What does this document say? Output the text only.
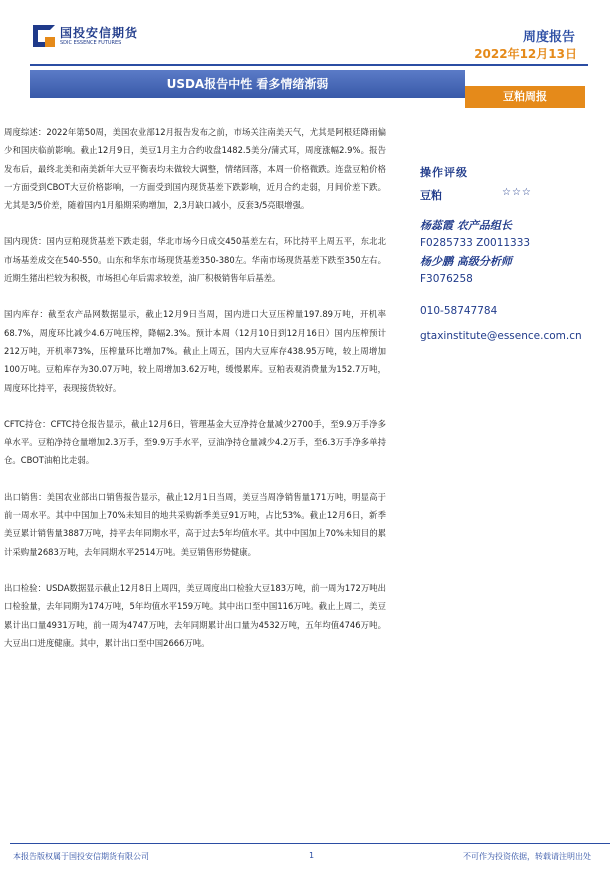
国投安信期货
SDIC ESSENCE FUTURES	周度报告
2022年12月13日
USDA报告中性 看多情绪渐弱
豆粕周报

周度综述：2022年第50周，美国农业部12月报告发布之前，市场关注南美天气，尤其是阿根廷降雨偏少和国庆临前影响。截止12月9日，美豆1月主力合约收盘1482.5美分/蒲式耳，周度涨幅2.9%。报告发布后，最终北美和南美新年大豆平衡表均未做较大调整，情绪回落，本周一价格微跌。连盘豆粕价格一方面受到CBOT大豆价格影响，一方面受到国内现货基差下跌影响，近月合约走弱，月间价差下跌。尤其是3/5价差，随着国内1月船期采购增加，2,3月缺口减小，反套3/5亮眼增强。

国内现货：国内豆粕现货基差下跌走弱，华北市场今日成交450基差左右，环比持平上周五平，东北北市场基差成交在540-550。山东和华东市场现货基差350-380左。华南市场现货基差下跌至350左右。近期生猪出栏较为积极，市场担心年后需求较差，油厂积极销售年后基差。

国内库存：截至农产品网数据显示，截止12月9日当周，国内进口大豆压榨量197.89万吨，开机率68.7%，周度环比减少4.6万吨压榨，降幅2.3%。预计本周（12月10日到12月16日）国内压榨预计212万吨，开机率73%，压榨量环比增加7%。截止上周五，国内大豆库存438.95万吨，较上周增加100万吨。豆粕库存为30.07万吨，较上周增加3.62万吨，缓慢累库。豆粕表观消费量为152.7万吨，周度环比持平，表现接货较好。

CFTC持仓：CFTC持仓报告显示，截止12月6日，管理基金大豆净持仓量减少2700手，至9.9万手净多单水平。豆粕净持仓量增加2.3万手，至9.9万手水平，豆油净持仓量减少4.2万手，至6.3万手净多单持仓。CBOT油粕比走弱。

出口销售：美国农业部出口销售报告显示，截止12月1日当周，美豆当周净销售量171万吨，明显高于前一周水平。其中中国加上70%未知目的地共采购新季美豆91万吨，占比53%。截止12月6日，新季美豆累计销售量3887万吨，持平去年同期水平，高于过去5年均值水平。其中中国加上70%未知目的累计采购量2683万吨，去年同期水平2514万吨。美豆销售形势健康。

出口检验：USDA数据显示截止12月8日上周四，美豆周度出口检验大豆183万吨，前一周为172万吨出口检验量，去年同期为174万吨，5年均值水平159万吨。其中出口至中国116万吨。截止上周二，美豆累计出口量4931万吨，前一周为4747万吨，去年同期累计出口量为4532万吨，五年均值4746万吨。大豆出口进度健康。其中，累计出口至中国2666万吨。

操作评级
豆粕	☆☆☆
杨蕊霞 农产品组长
F0285733 Z0011333
杨少鹏 高级分析师
F3076258
010-58747784
gtaxinstitute@essence.com.cn
本报告版权属于国投安信期货有限公司	1	不可作为投资依据，转载请注明出处
